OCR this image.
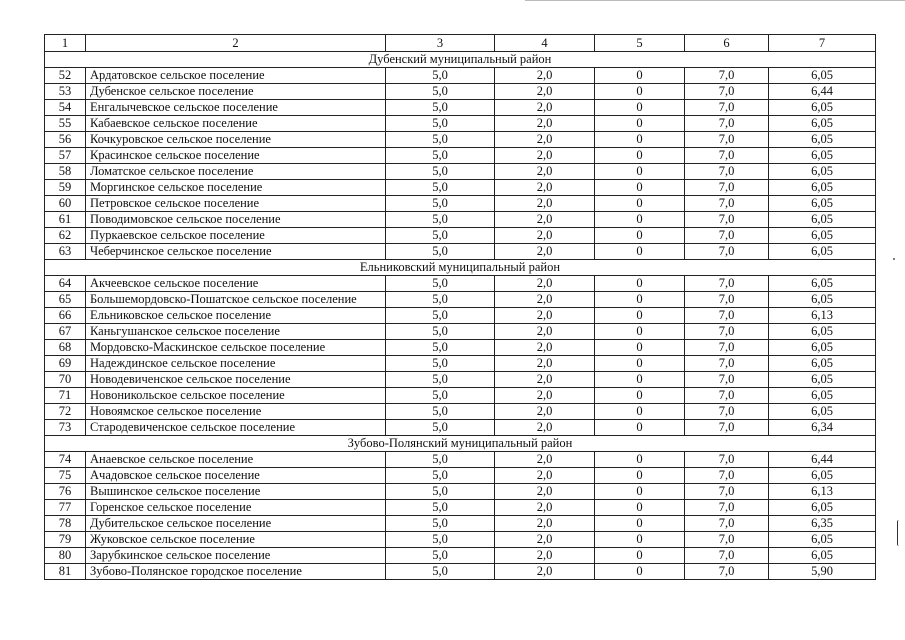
1	2	3	4	5	6	7
Дубенский муниципальный район						
52	Ардатовское сельское поселение	5,0	2,0	0	7,0	6,05
53	Дубенское сельское поселение	5,0	2,0	0	7,0	6,44
54	Енгалычевское сельское поселение	5,0	2,0	0	7,0	6,05
55	Кабаевское сельское поселение	5,0	2,0	0	7,0	6,05
56	Кочкуровское сельское поселение	5,0	2,0	0	7,0	6,05
57	Красинское сельское поселение	5,0	2,0	0	7,0	6,05
58	Ломатское сельское поселение	5,0	2,0	0	7,0	6,05
59	Моргинское сельское поселение	5,0	2,0	0	7,0	6,05
60	Петровское сельское поселение	5,0	2,0	0	7,0	6,05
61	Поводимовское сельское поселение	5,0	2,0	0	7,0	6,05
62	Пуркаевское сельское поселение	5,0	2,0	0	7,0	6,05
63	Чеберчинское сельское поселение	5,0	2,0	0	7,0	6,05
Ельниковский муниципальный район						
64	Акчеевское сельское поселение	5,0	2,0	0	7,0	6,05
65	Большемордовско-Пошатское сельское поселение	5,0	2,0	0	7,0	6,05
66	Ельниковское сельское поселение	5,0	2,0	0	7,0	6,13
67	Каньгушанское сельское поселение	5,0	2,0	0	7,0	6,05
68	Мордовско-Маскинское сельское поселение	5,0	2,0	0	7,0	6,05
69	Надеждинское сельское поселение	5,0	2,0	0	7,0	6,05
70	Новодевиченское сельское поселение	5,0	2,0	0	7,0	6,05
71	Новоникольское сельское поселение	5,0	2,0	0	7,0	6,05
72	Новоямское сельское поселение	5,0	2,0	0	7,0	6,05
73	Стародевиченское сельское поселение	5,0	2,0	0	7,0	6,34
Зубово-Полянский муниципальный район						
74	Анаевское сельское поселение	5,0	2,0	0	7,0	6,44
75	Ачадовское сельское поселение	5,0	2,0	0	7,0	6,05
76	Вышинское сельское поселение	5,0	2,0	0	7,0	6,13
77	Горенское сельское поселение	5,0	2,0	0	7,0	6,05
78	Дубительское сельское поселение	5,0	2,0	0	7,0	6,35
79	Жуковское сельское поселение	5,0	2,0	0	7,0	6,05
80	Зарубкинское сельское поселение	5,0	2,0	0	7,0	6,05
81	Зубово-Полянское городское поселение	5,0	2,0	0	7,0	5,90
